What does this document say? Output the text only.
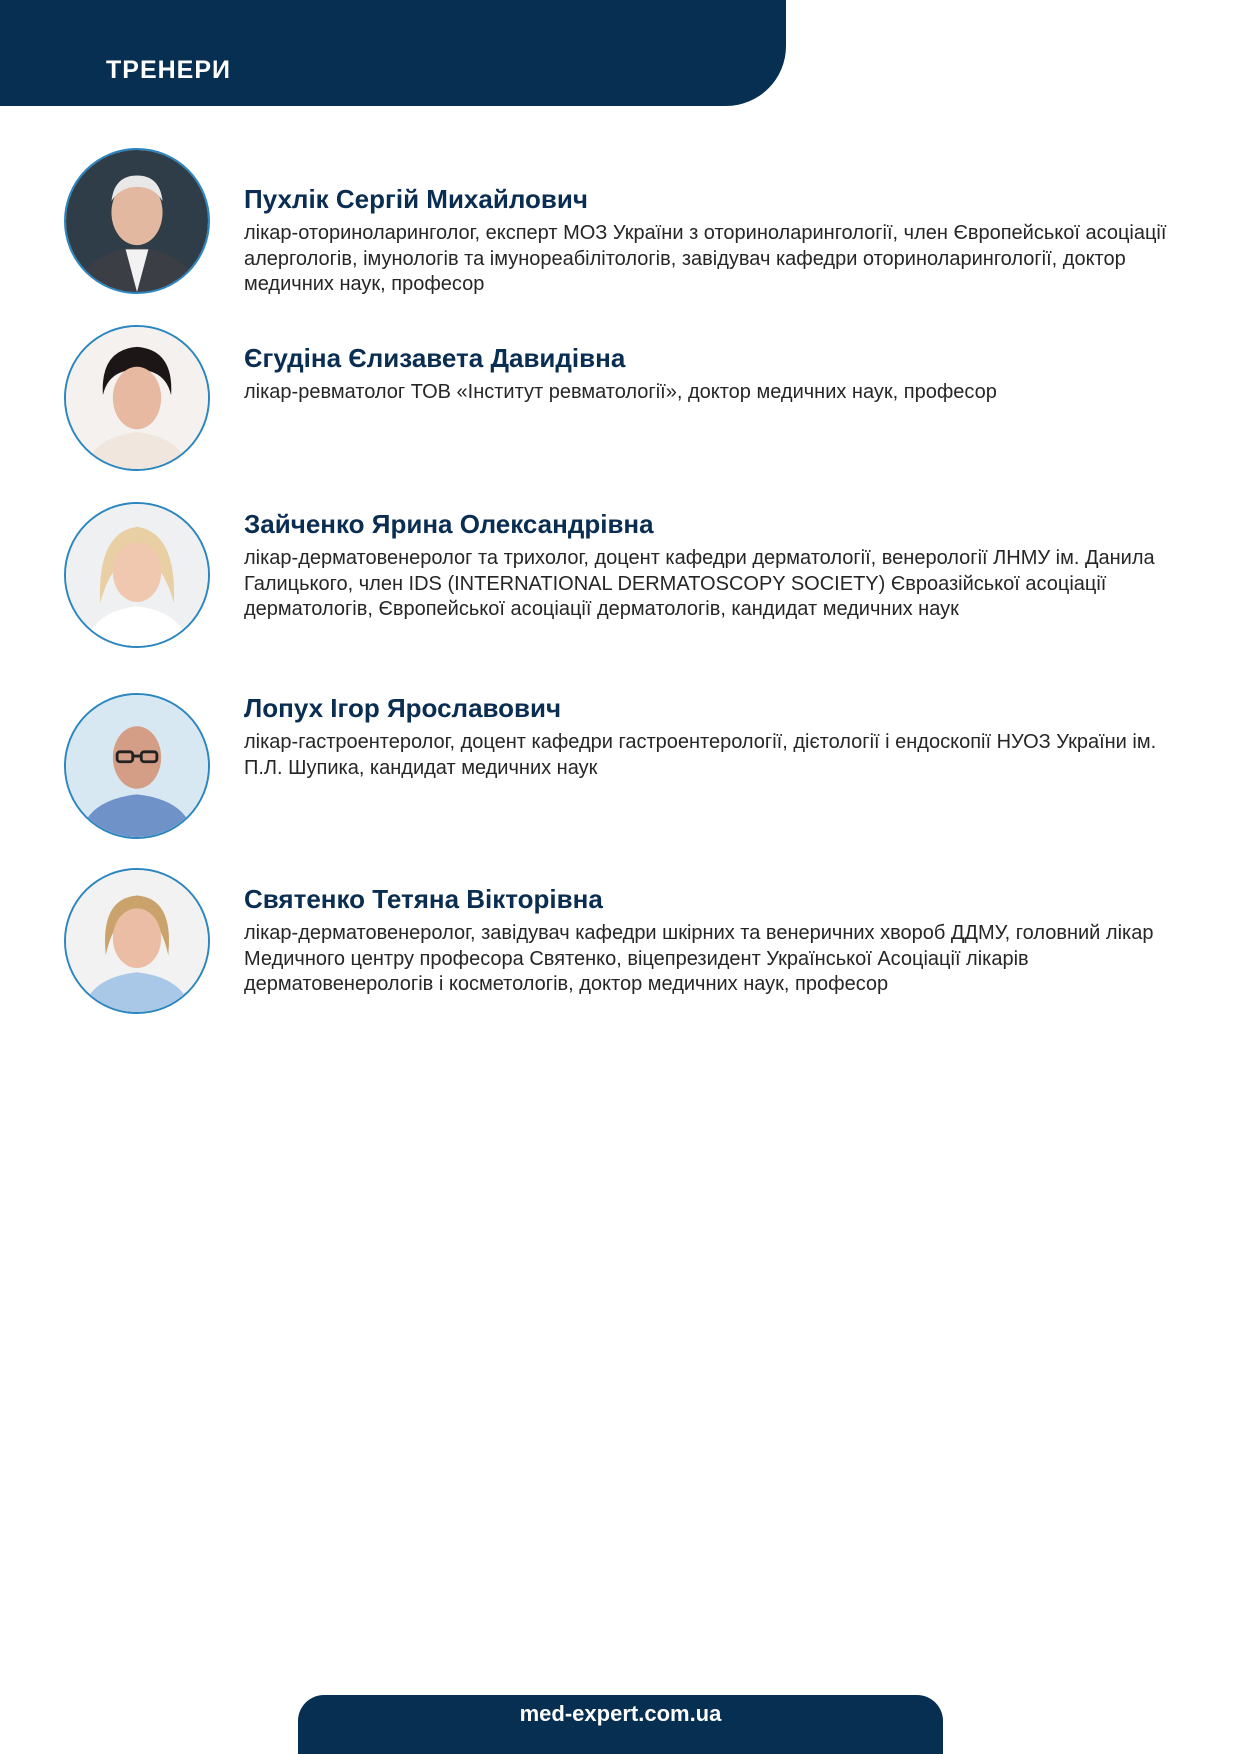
ТРЕНЕРИ
Пухлік Сергій Михайлович

лікар-оториноларинголог, експерт МОЗ України з оториноларингології, член Європейської асоціації алергологів, імунологів та імунореабілітологів, завідувач кафедри оториноларингології, доктор медичних наук, професор

Єгудіна Єлизавета Давидівна

лікар-ревматолог ТОВ «Інститут ревматології», доктор медичних наук, професор

Зайченко Ярина Олександрівна

лікар-дерматовенеролог та трихолог, доцент кафедри дерматології, венерології ЛНМУ ім. Данила Галицького, член IDS (INTERNATIONAL DERMATOSCOPY SOCIETY) Євроазійської асоціації дерматологів, Європейської асоціації дерматологів, кандидат медичних наук

Лопух Ігор Ярославович

лікар-гастроентеролог, доцент кафедри гастроентерології, дієтології і ендоскопії НУОЗ України ім. П.Л. Шупика, кандидат медичних наук

Святенко Тетяна Вікторівна

лікар-дерматовенеролог, завідувач кафедри шкірних та венеричних хвороб ДДМУ, головний лікар Медичного центру професора Святенко, віцепрезидент Української Асоціації лікарів дерматовенерологів і косметологів, доктор медичних наук, професор

med-expert.com.ua
